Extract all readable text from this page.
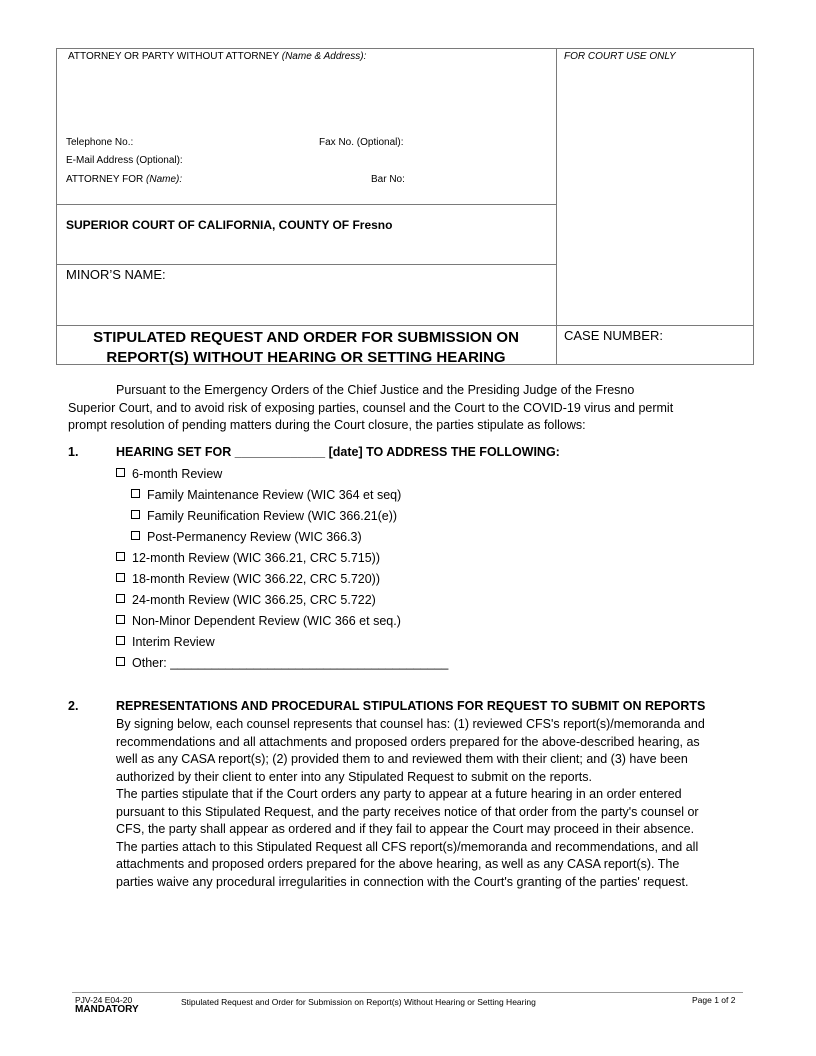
ATTORNEY OR PARTY WITHOUT ATTORNEY (Name & Address):	FOR COURT USE ONLY
Telephone No.:	Fax No. (Optional):
E-Mail Address (Optional):
ATTORNEY FOR (Name):	Bar No:
SUPERIOR COURT OF CALIFORNIA, COUNTY OF Fresno
MINOR’S NAME:
STIPULATED REQUEST AND ORDER FOR SUBMISSION ON
REPORT(S) WITHOUT HEARING OR SETTING HEARING
CASE NUMBER:
Pursuant to the Emergency Orders of the Chief Justice and the Presiding Judge of the Fresno
Superior Court, and to avoid risk of exposing parties, counsel and the Court to the COVID-19 virus and permit
prompt resolution of pending matters during the Court closure, the parties stipulate as follows:
1.	HEARING SET FOR _____________ [date] TO ADDRESS THE FOLLOWING:
6-month Review
Family Maintenance Review (WIC 364 et seq)
Family Reunification Review (WIC 366.21(e))
Post-Permanency Review (WIC 366.3)
12-month Review (WIC 366.21, CRC 5.715))
18-month Review (WIC 366.22, CRC 5.720))
24-month Review (WIC 366.25, CRC 5.722)
Non-Minor Dependent Review (WIC 366 et seq.)
Interim Review
Other: ________________________________________
2.	REPRESENTATIONS AND PROCEDURAL STIPULATIONS FOR REQUEST TO SUBMIT ON REPORTS
By signing below, each counsel represents that counsel has: (1) reviewed CFS's report(s)/memoranda and
recommendations and all attachments and proposed orders prepared for the above-described hearing, as
well as any CASA report(s); (2) provided them to and reviewed them with their client; and (3) have been
authorized by their client to enter into any Stipulated Request to submit on the reports.
The parties stipulate that if the Court orders any party to appear at a future hearing in an order entered
pursuant to this Stipulated Request, and the party receives notice of that order from the party's counsel or
CFS, the party shall appear as ordered and if they fail to appear the Court may proceed in their absence.
The parties attach to this Stipulated Request all CFS report(s)/memoranda and recommendations, and all
attachments and proposed orders prepared for the above hearing, as well as any CASA report(s). The
parties waive any procedural irregularities in connection with the Court's granting of the parties' request.
PJV-24 E04-20
MANDATORY
Stipulated Request and Order for Submission on Report(s) Without Hearing or Setting Hearing	Page 1 of 2
